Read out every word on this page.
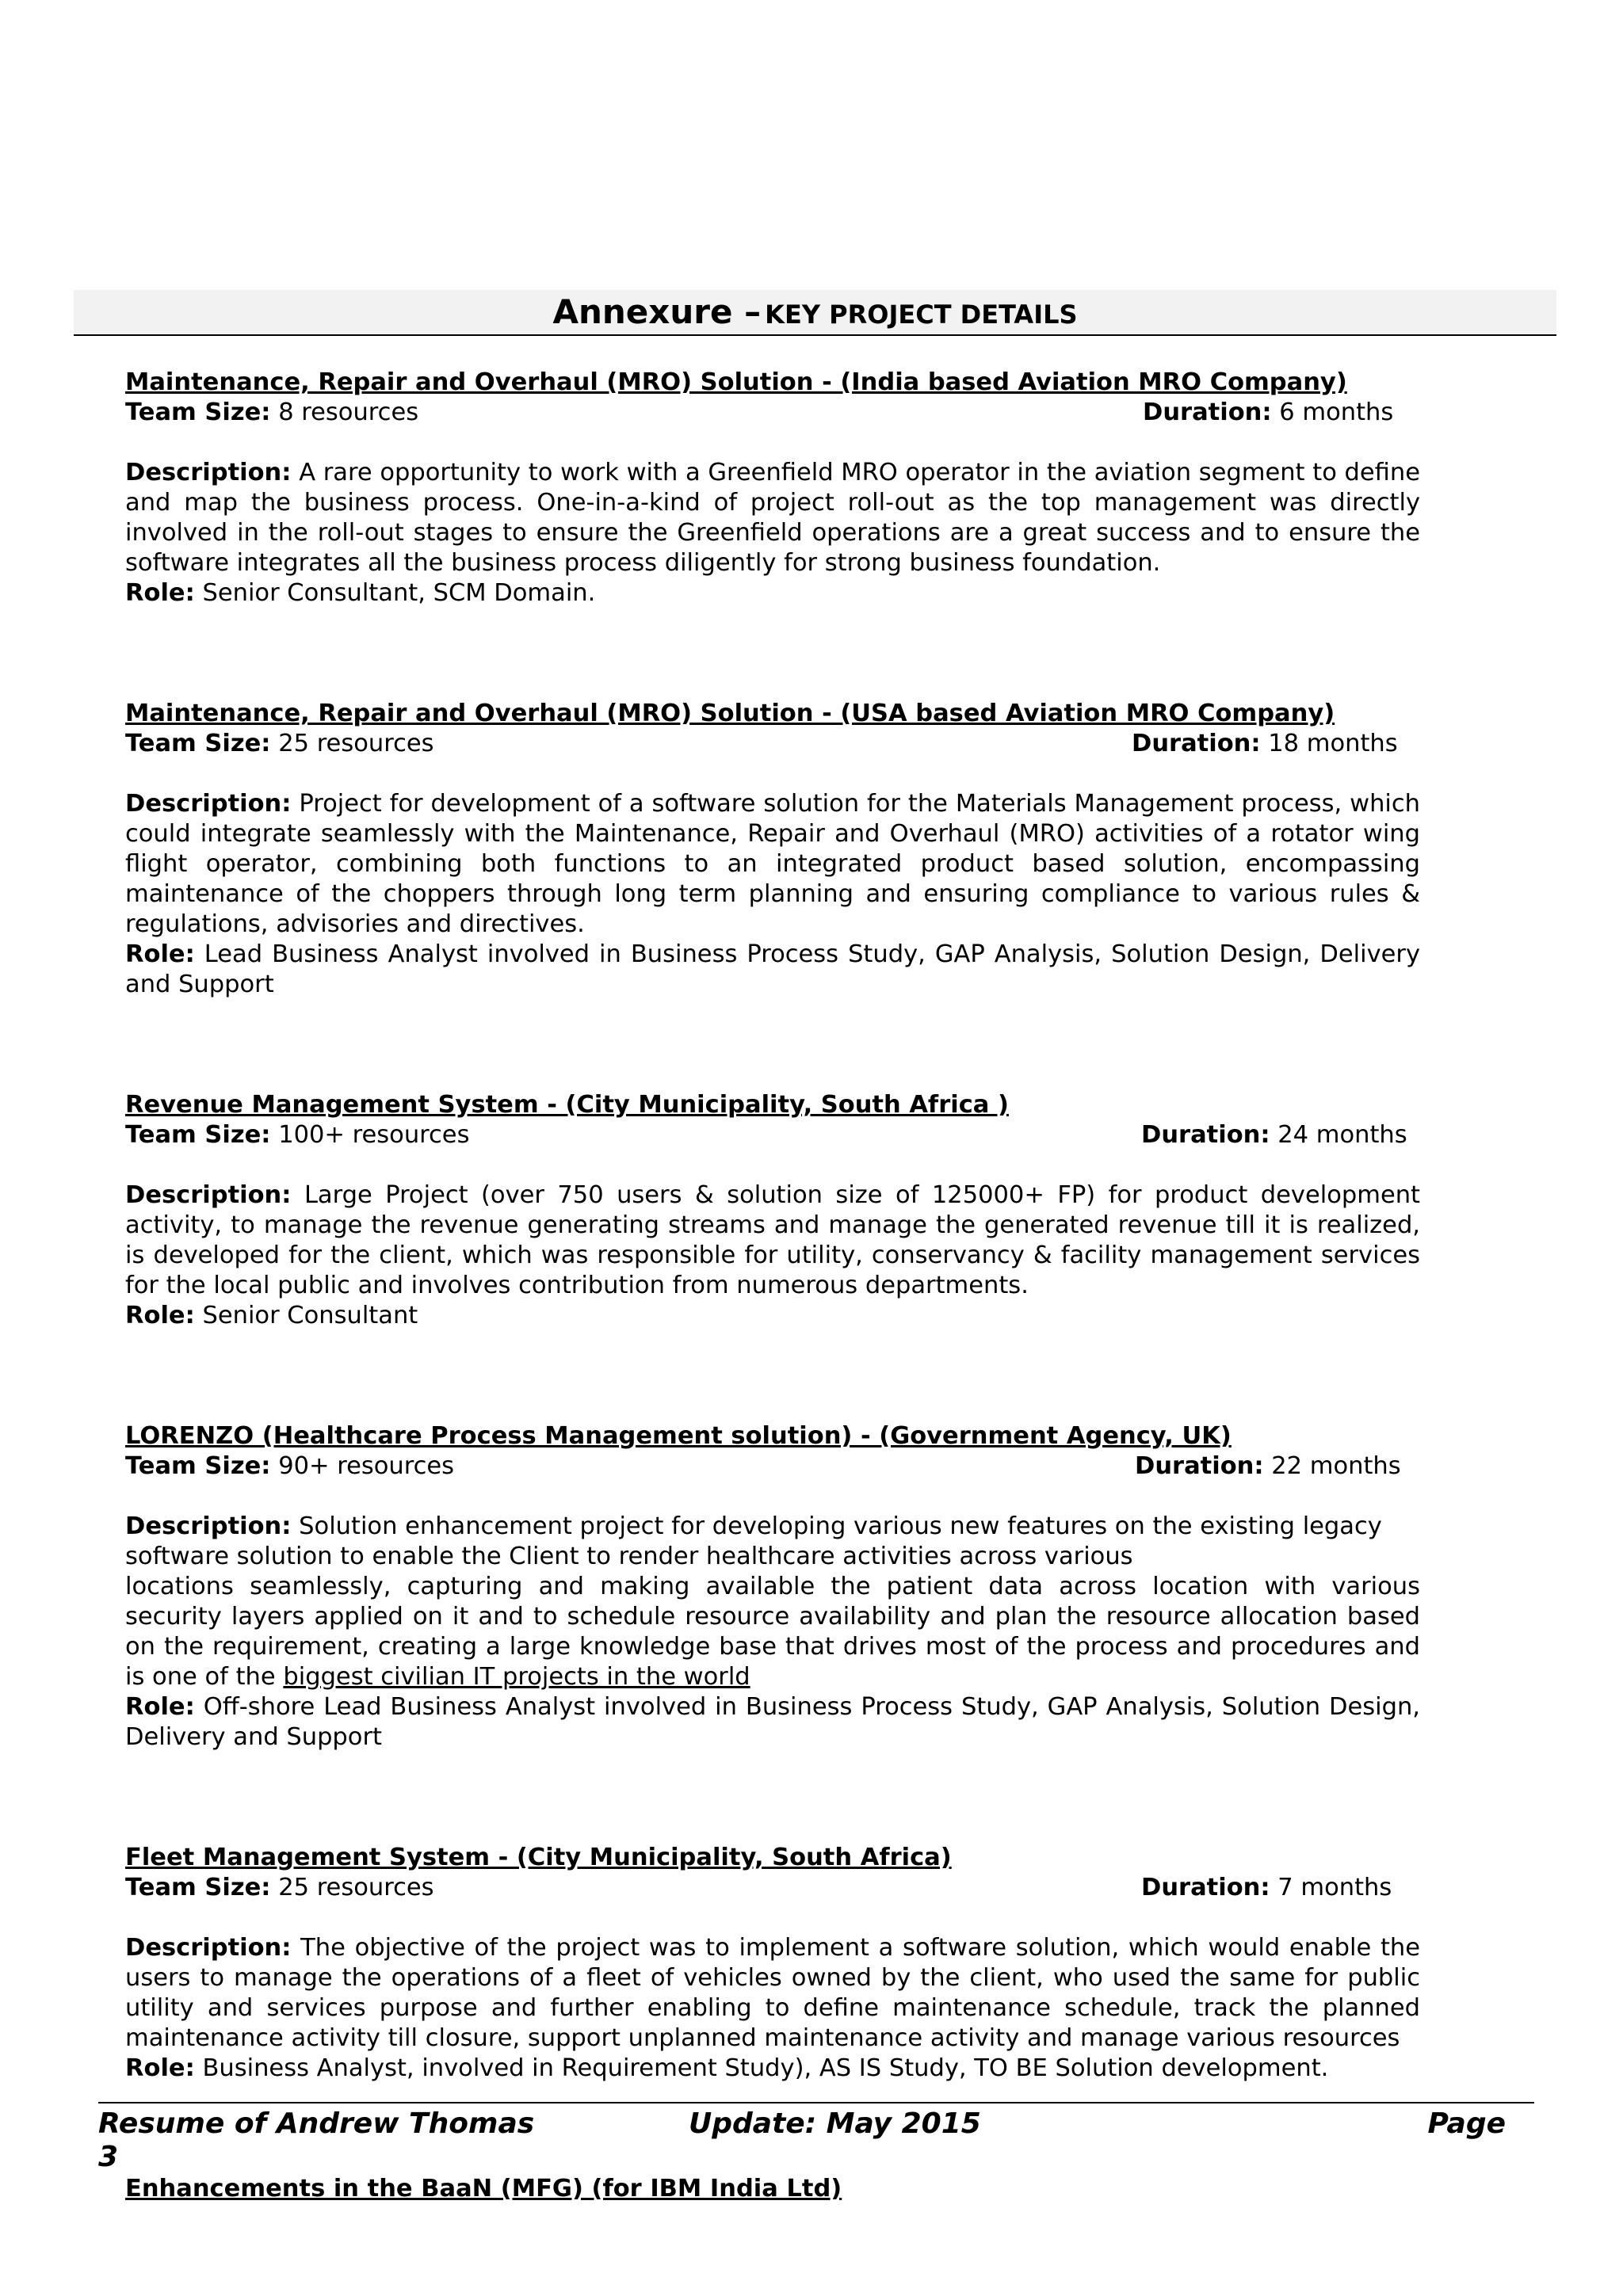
Annexure – KEY PROJECT DETAILS
Maintenance, Repair and Overhaul (MRO) Solution - (India based Aviation MRO Company)
Team Size: 8 resources	Duration: 6 months
Description: A rare opportunity to work with a Greenfield MRO operator in the aviation segment to define and map the business process. One-in-a-kind of project roll-out as the top management was directly involved in the roll-out stages to ensure the Greenfield operations are a great success and to ensure the software integrates all the business process diligently for strong business foundation.
Role: Senior Consultant, SCM Domain.
Maintenance, Repair and Overhaul (MRO) Solution - (USA based Aviation MRO Company)
Team Size: 25 resources	Duration: 18 months
Description: Project for development of a software solution for the Materials Management process, which could integrate seamlessly with the Maintenance, Repair and Overhaul (MRO) activities of a rotator wing flight operator, combining both functions to an integrated product based solution, encompassing maintenance of the choppers through long term planning and ensuring compliance to various rules & regulations, advisories and directives.
Role: Lead Business Analyst involved in Business Process Study, GAP Analysis, Solution Design, Delivery and Support
Revenue Management System - (City Municipality, South Africa )
Team Size: 100+ resources	Duration: 24 months
Description: Large Project (over 750 users & solution size of 125000+ FP) for product development activity, to manage the revenue generating streams and manage the generated revenue till it is realized, is developed for the client, which was responsible for utility, conservancy & facility management services for the local public and involves contribution from numerous departments.
Role: Senior Consultant
LORENZO (Healthcare Process Management solution) - (Government Agency, UK)
Team Size: 90+ resources	Duration: 22 months
Description: Solution enhancement project for developing various new features on the existing legacy software solution to enable the Client to render healthcare activities across various
locations seamlessly, capturing and making available the patient data across location with various security layers applied on it and to schedule resource availability and plan the resource allocation based on the requirement, creating a large knowledge base that drives most of the process and procedures and is one of the biggest civilian IT projects in the world
Role: Off-shore Lead Business Analyst involved in Business Process Study, GAP Analysis, Solution Design, Delivery and Support
Fleet Management System - (City Municipality, South Africa)
Team Size: 25 resources	Duration: 7 months
Description: The objective of the project was to implement a software solution, which would enable the users to manage the operations of a fleet of vehicles owned by the client, who used the same for public utility and services purpose and further enabling to define maintenance schedule, track the planned maintenance activity till closure, support unplanned maintenance activity and manage various resources
Role: Business Analyst, involved in Requirement Study), AS IS Study, TO BE Solution development.
Enhancements in the BaaN (MFG) (for IBM India Ltd)
Resume of Andrew Thomas	Update: May 2015	Page
3
